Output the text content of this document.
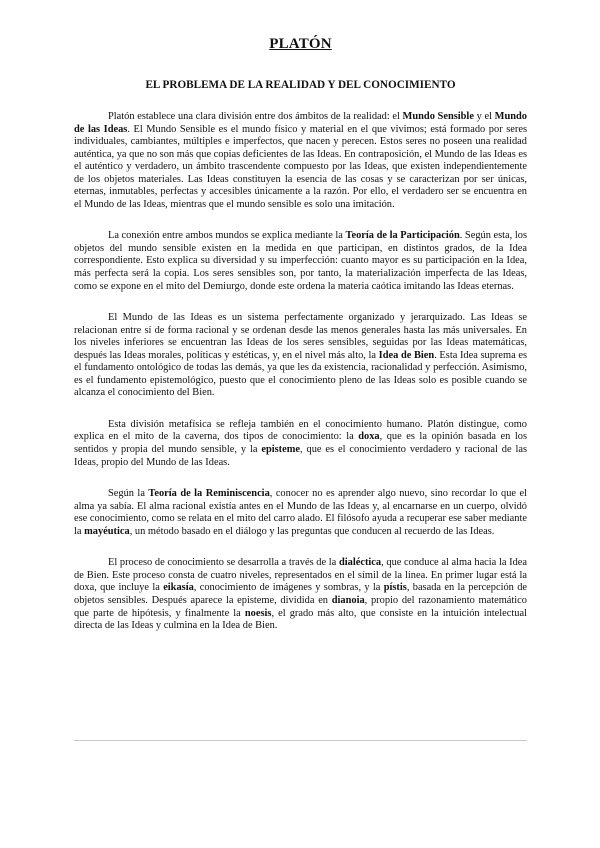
PLATÓN
EL PROBLEMA DE LA REALIDAD Y DEL CONOCIMIENTO

Platón establece una clara división entre dos ámbitos de la realidad: el Mundo Sensible y el Mundo de las Ideas. El Mundo Sensible es el mundo físico y material en el que vivimos; está formado por seres individuales, cambiantes, múltiples e imperfectos, que nacen y perecen. Estos seres no poseen una realidad auténtica, ya que no son más que copias deficientes de las Ideas. En contraposición, el Mundo de las Ideas es el auténtico y verdadero, un ámbito trascendente compuesto por las Ideas, que existen independientemente de los objetos materiales. Las Ideas constituyen la esencia de las cosas y se caracterizan por ser únicas, eternas, inmutables, perfectas y accesibles únicamente a la razón. Por ello, el verdadero ser se encuentra en el Mundo de las Ideas, mientras que el mundo sensible es solo una imitación.

La conexión entre ambos mundos se explica mediante la Teoría de la Participación. Según esta, los objetos del mundo sensible existen en la medida en que participan, en distintos grados, de la Idea correspondiente. Esto explica su diversidad y su imperfección: cuanto mayor es su participación en la Idea, más perfecta será la copia. Los seres sensibles son, por tanto, la materialización imperfecta de las Ideas, como se expone en el mito del Demiurgo, donde este ordena la materia caótica imitando las Ideas eternas.

El Mundo de las Ideas es un sistema perfectamente organizado y jerarquizado. Las Ideas se relacionan entre sí de forma racional y se ordenan desde las menos generales hasta las más universales. En los niveles inferiores se encuentran las Ideas de los seres sensibles, seguidas por las Ideas matemáticas, después las Ideas morales, políticas y estéticas, y, en el nivel más alto, la Idea de Bien. Esta Idea suprema es el fundamento ontológico de todas las demás, ya que les da existencia, racionalidad y perfección. Asimismo, es el fundamento epistemológico, puesto que el conocimiento pleno de las Ideas solo es posible cuando se alcanza el conocimiento del Bien.

Esta división metafísica se refleja también en el conocimiento humano. Platón distingue, como explica en el mito de la caverna, dos tipos de conocimiento: la doxa, que es la opinión basada en los sentidos y propia del mundo sensible, y la episteme, que es el conocimiento verdadero y racional de las Ideas, propio del Mundo de las Ideas.

Según la Teoría de la Reminiscencia, conocer no es aprender algo nuevo, sino recordar lo que el alma ya sabía. El alma racional existía antes en el Mundo de las Ideas y, al encarnarse en un cuerpo, olvidó ese conocimiento, como se relata en el mito del carro alado. El filósofo ayuda a recuperar ese saber mediante la mayéutica, un método basado en el diálogo y las preguntas que conducen al recuerdo de las Ideas.

El proceso de conocimiento se desarrolla a través de la dialéctica, que conduce al alma hacia la Idea de Bien. Este proceso consta de cuatro niveles, representados en el símil de la línea. En primer lugar está la doxa, que incluye la eikasía, conocimiento de imágenes y sombras, y la pístis, basada en la percepción de objetos sensibles. Después aparece la episteme, dividida en dianoia, propio del razonamiento matemático que parte de hipótesis, y finalmente la noesis, el grado más alto, que consiste en la intuición intelectual directa de las Ideas y culmina en la Idea de Bien.
